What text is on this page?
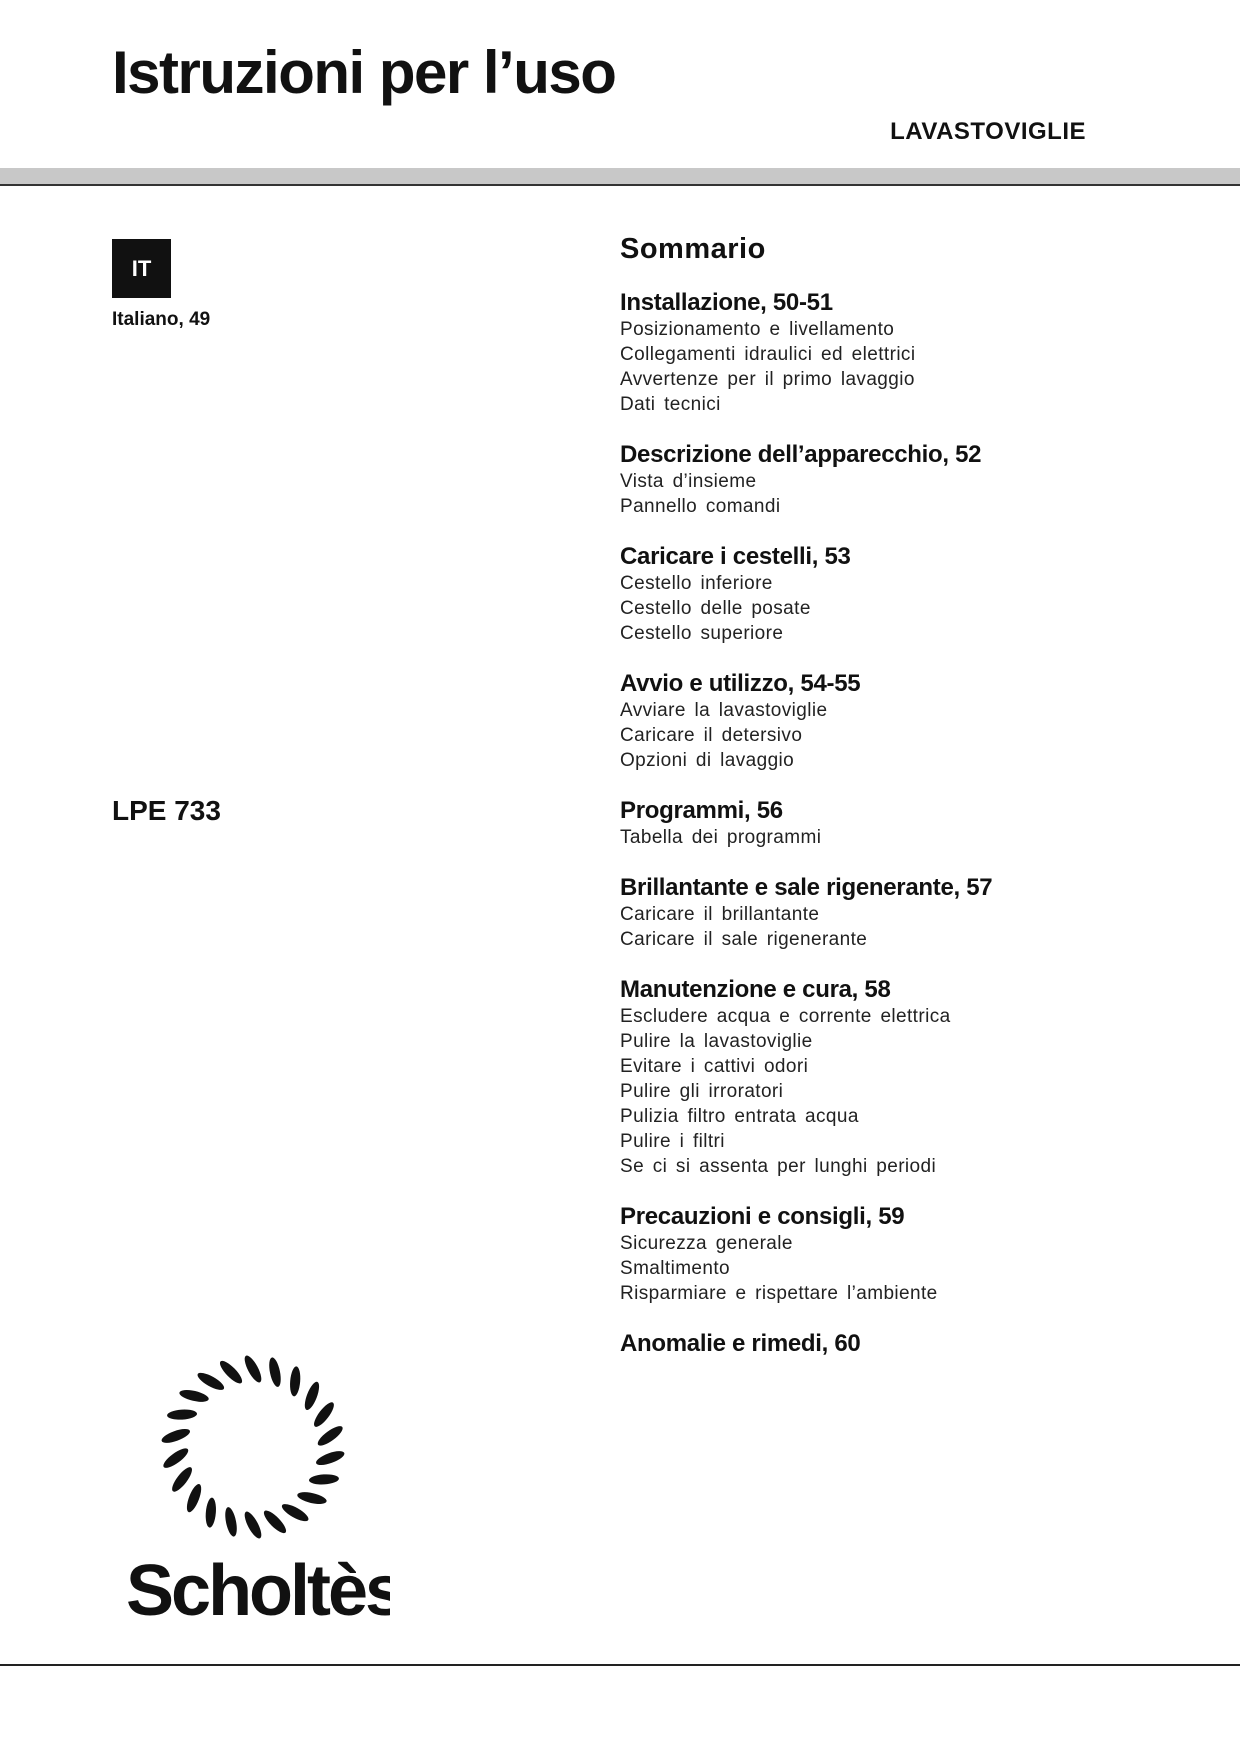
Istruzioni per l’uso
LAVASTOVIGLIE
IT
Italiano, 49
LPE 733
Sommario
Installazione, 50-51
Posizionamento e livellamento
Collegamenti idraulici ed elettrici
Avvertenze per il primo lavaggio
Dati tecnici
Descrizione dell’apparecchio, 52
Vista d’insieme
Pannello comandi
Caricare i cestelli, 53
Cestello inferiore
Cestello delle posate
Cestello superiore
Avvio e utilizzo, 54-55
Avviare la lavastoviglie
Caricare il detersivo
Opzioni di lavaggio
Programmi, 56
Tabella dei programmi
Brillantante e sale rigenerante, 57
Caricare il brillantante
Caricare il sale rigenerante
Manutenzione e cura, 58
Escludere acqua e corrente elettrica
Pulire la lavastoviglie
Evitare i cattivi odori
Pulire gli irroratori
Pulizia filtro entrata acqua
Pulire i filtri
Se ci si assenta per lunghi periodi
Precauzioni e consigli, 59
Sicurezza generale
Smaltimento
Risparmiare e rispettare l’ambiente
Anomalie e rimedi, 60
Scholtès
